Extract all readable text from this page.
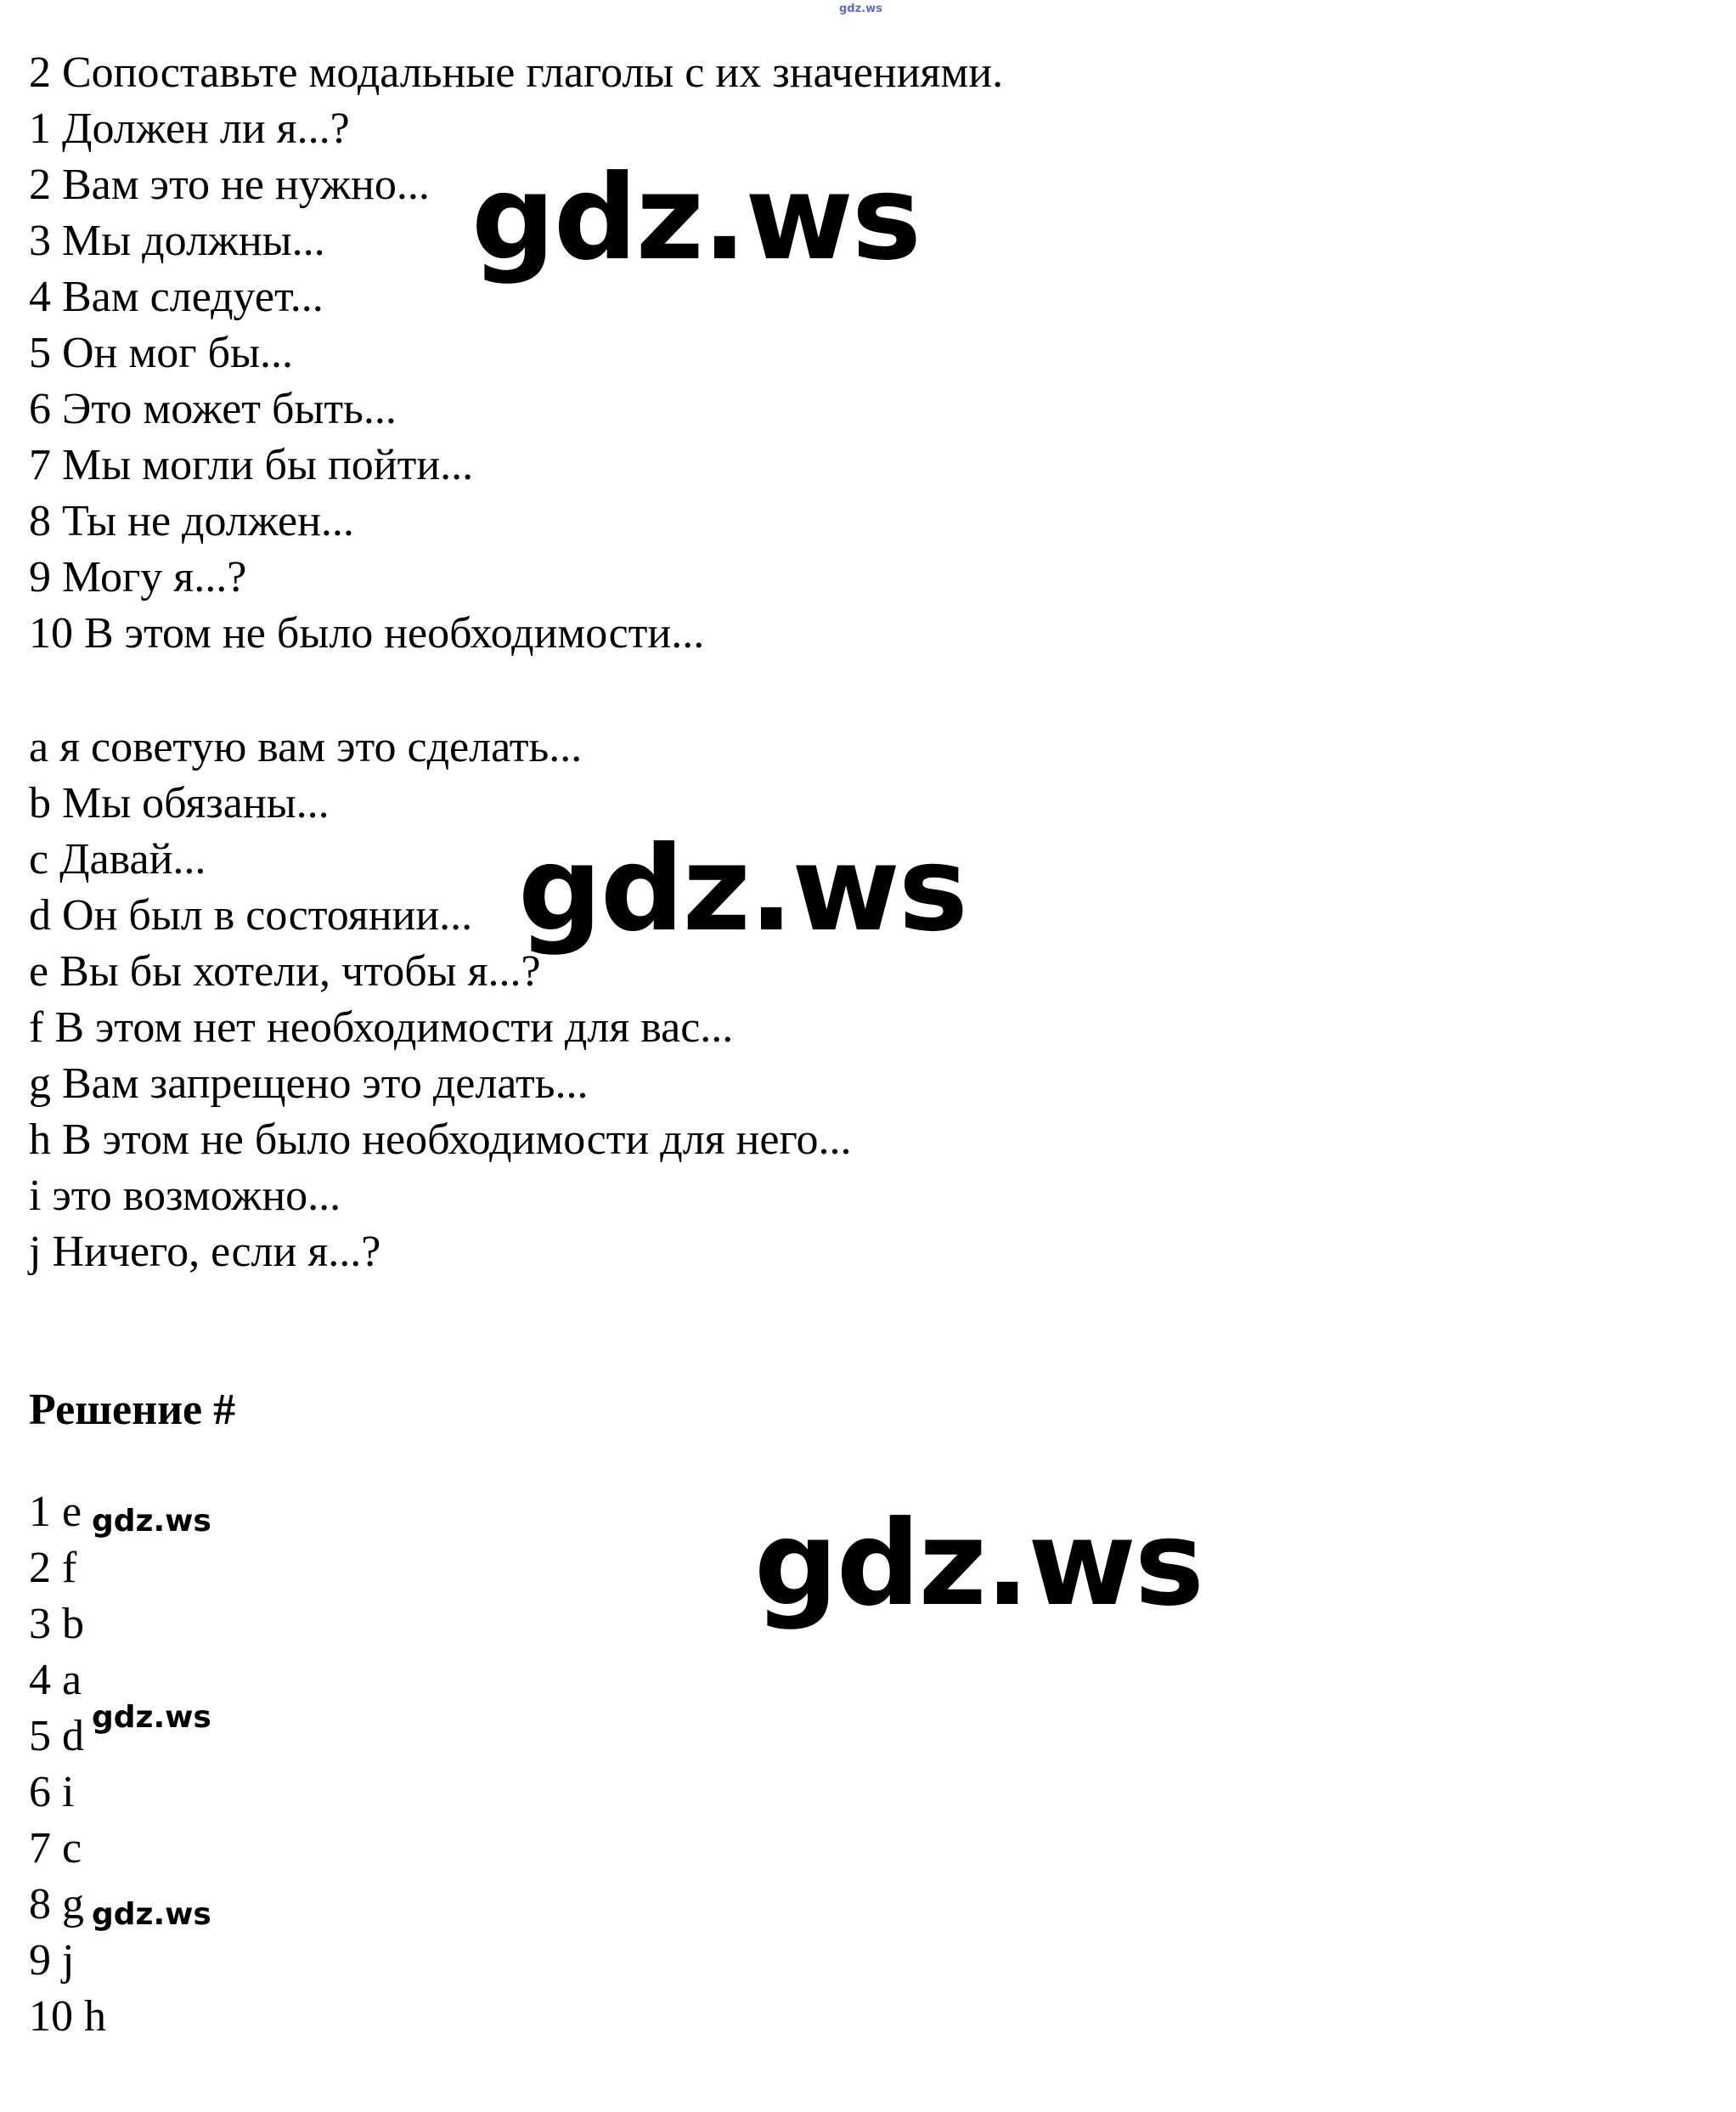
gdz.ws
2 Сопоставьте модальные глаголы с их значениями.
1 Должен ли я...?
2 Вам это не нужно...
3 Мы должны...
4 Вам следует...
5 Он мог бы...
6 Это может быть...
7 Мы могли бы пойти...
8 Ты не должен...
9 Могу я...?
10 В этом не было необходимости...
a я советую вам это сделать...
b Мы обязаны...
c Давай...
d Он был в состоянии...
e Вы бы хотели, чтобы я...?
f В этом нет необходимости для вас...
g Вам запрещено это делать...
h В этом не было необходимости для него...
i это возможно...
j Ничего, если я...?
Решение #
1 e
2 f
3 b
4 a
5 d
6 i
7 c
8 g
9 j
10 h
gdz.ws
gdz.ws
gdz.ws
gdz.ws
gdz.ws
gdz.ws
